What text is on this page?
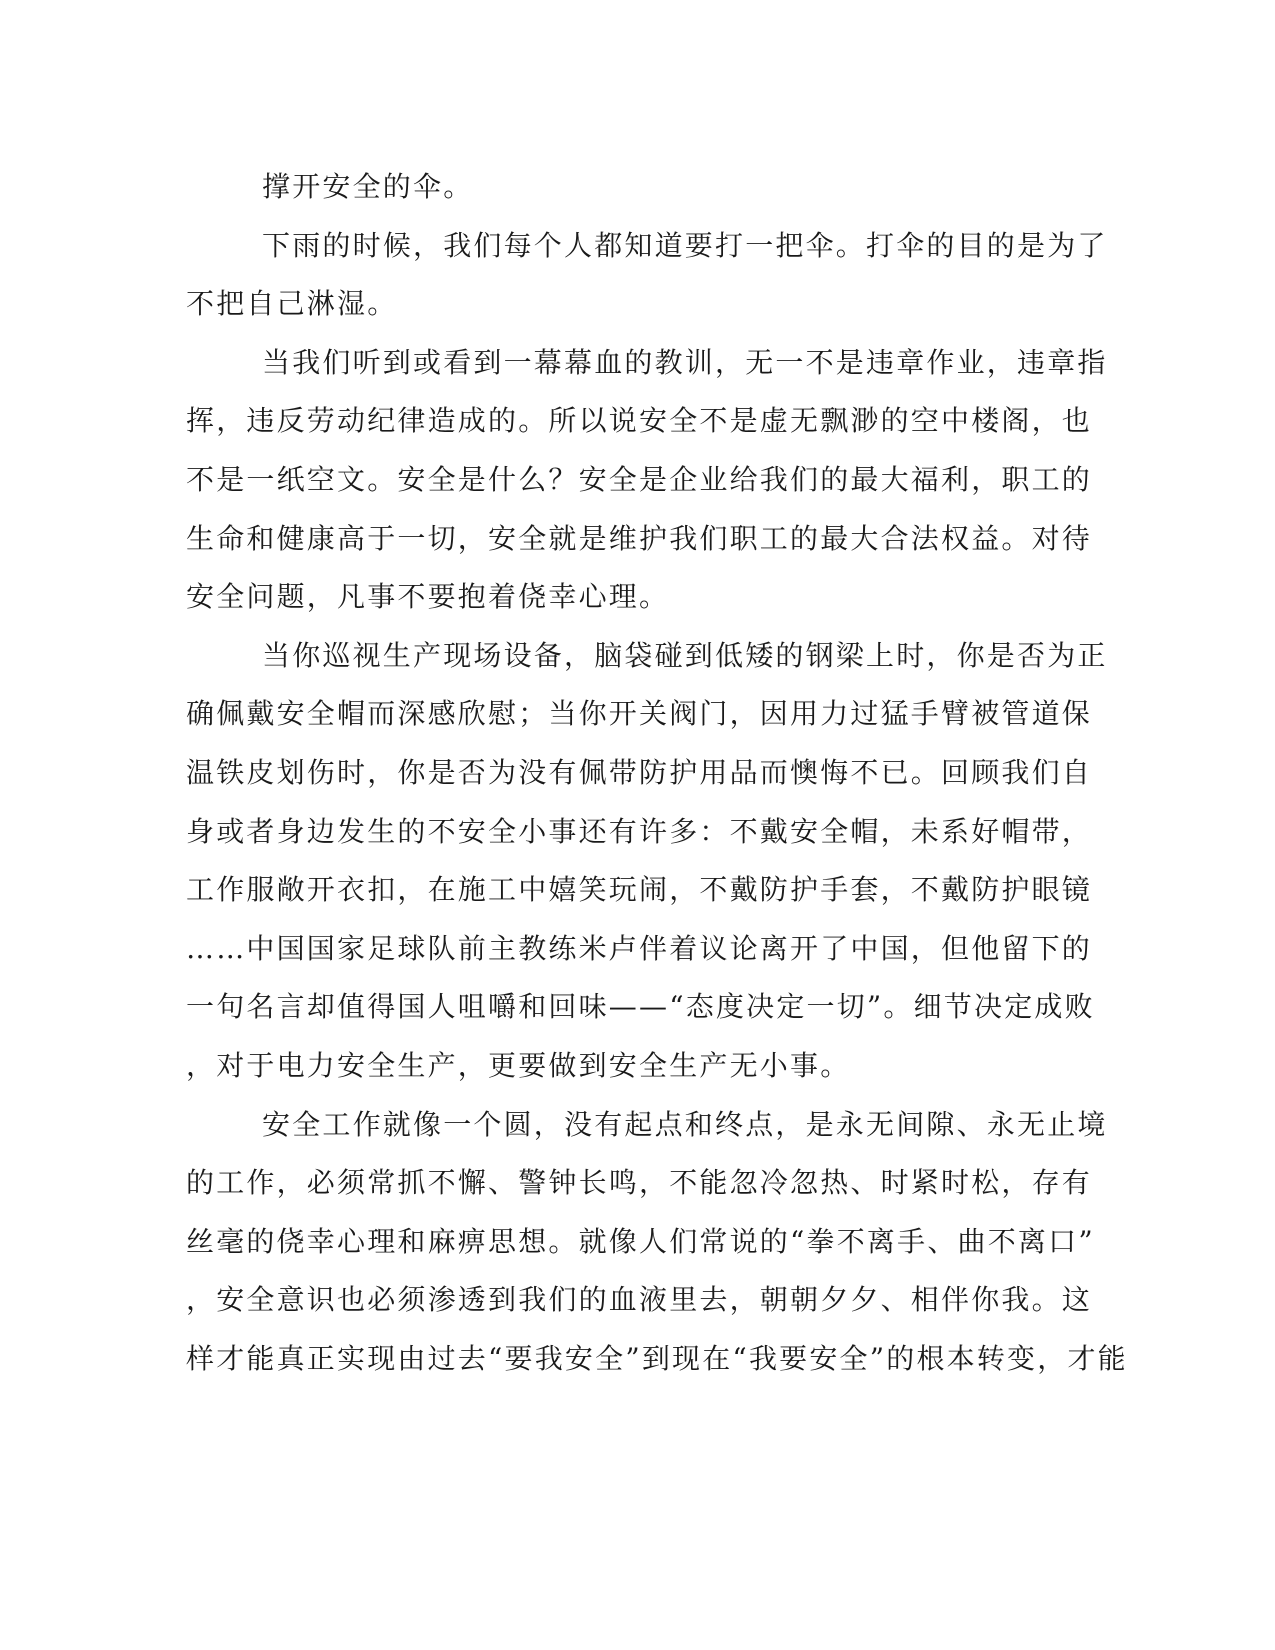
撑开安全的伞。
下雨的时候，我们每个人都知道要打一把伞。打伞的目的是为了
不把自己淋湿。
当我们听到或看到一幕幕血的教训，无一不是违章作业，违章指
挥，违反劳动纪律造成的。所以说安全不是虚无飘渺的空中楼阁，也
不是一纸空文。安全是什么？安全是企业给我们的最大福利，职工的
生命和健康高于一切，安全就是维护我们职工的最大合法权益。对待
安全问题，凡事不要抱着侥幸心理。
当你巡视生产现场设备，脑袋碰到低矮的钢梁上时，你是否为正
确佩戴安全帽而深感欣慰；当你开关阀门，因用力过猛手臂被管道保
温铁皮划伤时，你是否为没有佩带防护用品而懊悔不已。回顾我们自
身或者身边发生的不安全小事还有许多：不戴安全帽，未系好帽带，
工作服敞开衣扣，在施工中嬉笑玩闹，不戴防护手套，不戴防护眼镜
……中国国家足球队前主教练米卢伴着议论离开了中国，但他留下的
一句名言却值得国人咀嚼和回味——“态度决定一切”。细节决定成败
，对于电力安全生产，更要做到安全生产无小事。
安全工作就像一个圆，没有起点和终点，是永无间隙、永无止境
的工作，必须常抓不懈、警钟长鸣，不能忽冷忽热、时紧时松，存有
丝毫的侥幸心理和麻痹思想。就像人们常说的“拳不离手、曲不离口”
，安全意识也必须渗透到我们的血液里去，朝朝夕夕、相伴你我。这
样才能真正实现由过去“要我安全”到现在“我要安全”的根本转变，才能
